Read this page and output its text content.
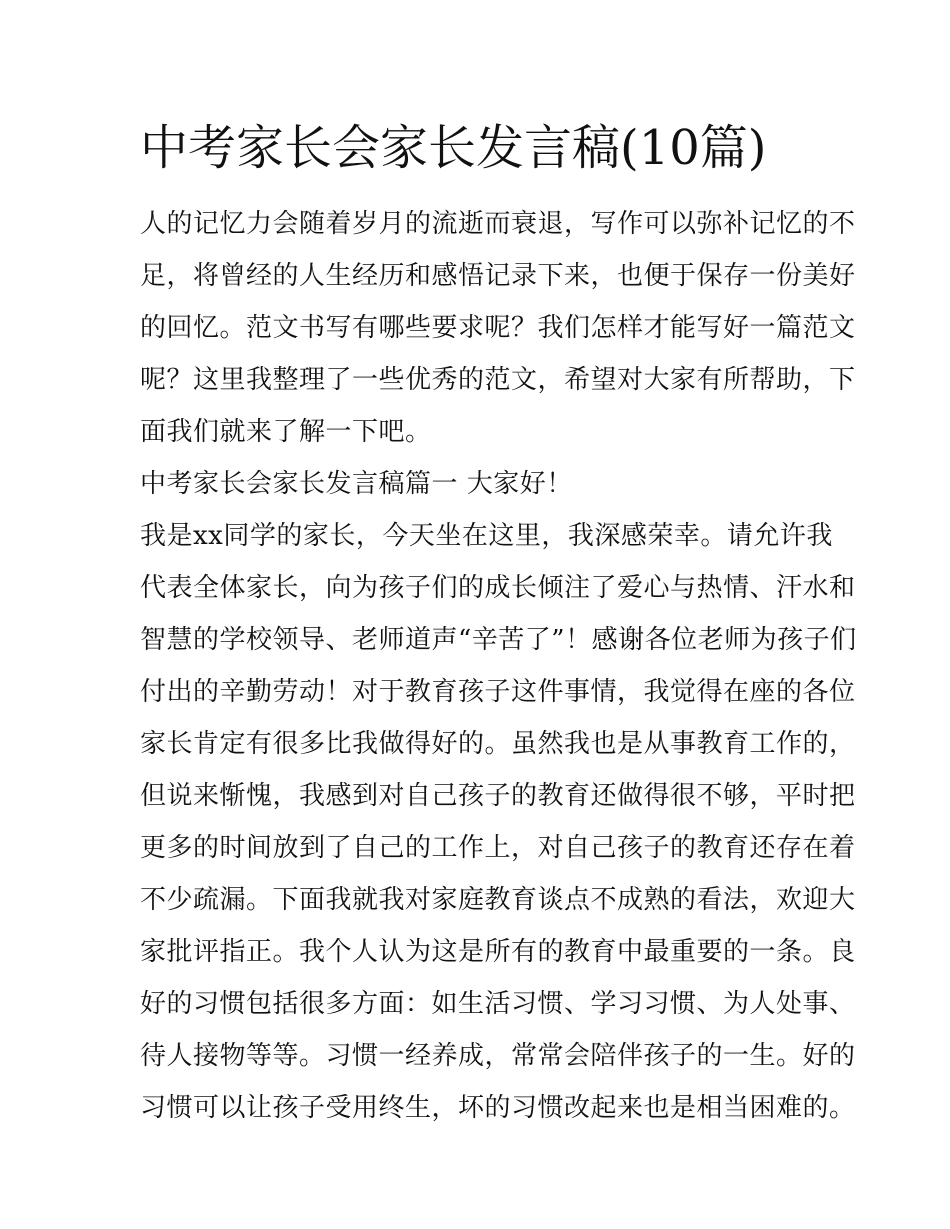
中考家长会家长发言稿(10篇)
人的记忆力会随着岁月的流逝而衰退，写作可以弥补记忆的不
足，将曾经的人生经历和感悟记录下来，也便于保存一份美好
的回忆。范文书写有哪些要求呢？我们怎样才能写好一篇范文
呢？这里我整理了一些优秀的范文，希望对大家有所帮助，下
面我们就来了解一下吧。
中考家长会家长发言稿篇一 大家好！
我是xx同学的家长，今天坐在这里，我深感荣幸。请允许我
代表全体家长，向为孩子们的成长倾注了爱心与热情、汗水和
智慧的学校领导、老师道声“辛苦了”！感谢各位老师为孩子们
付出的辛勤劳动！对于教育孩子这件事情，我觉得在座的各位
家长肯定有很多比我做得好的。虽然我也是从事教育工作的，
但说来惭愧，我感到对自己孩子的教育还做得很不够，平时把
更多的时间放到了自己的工作上，对自己孩子的教育还存在着
不少疏漏。下面我就我对家庭教育谈点不成熟的看法，欢迎大
家批评指正。我个人认为这是所有的教育中最重要的一条。良
好的习惯包括很多方面：如生活习惯、学习习惯、为人处事、
待人接物等等。习惯一经养成，常常会陪伴孩子的一生。好的
习惯可以让孩子受用终生，坏的习惯改起来也是相当困难的。
